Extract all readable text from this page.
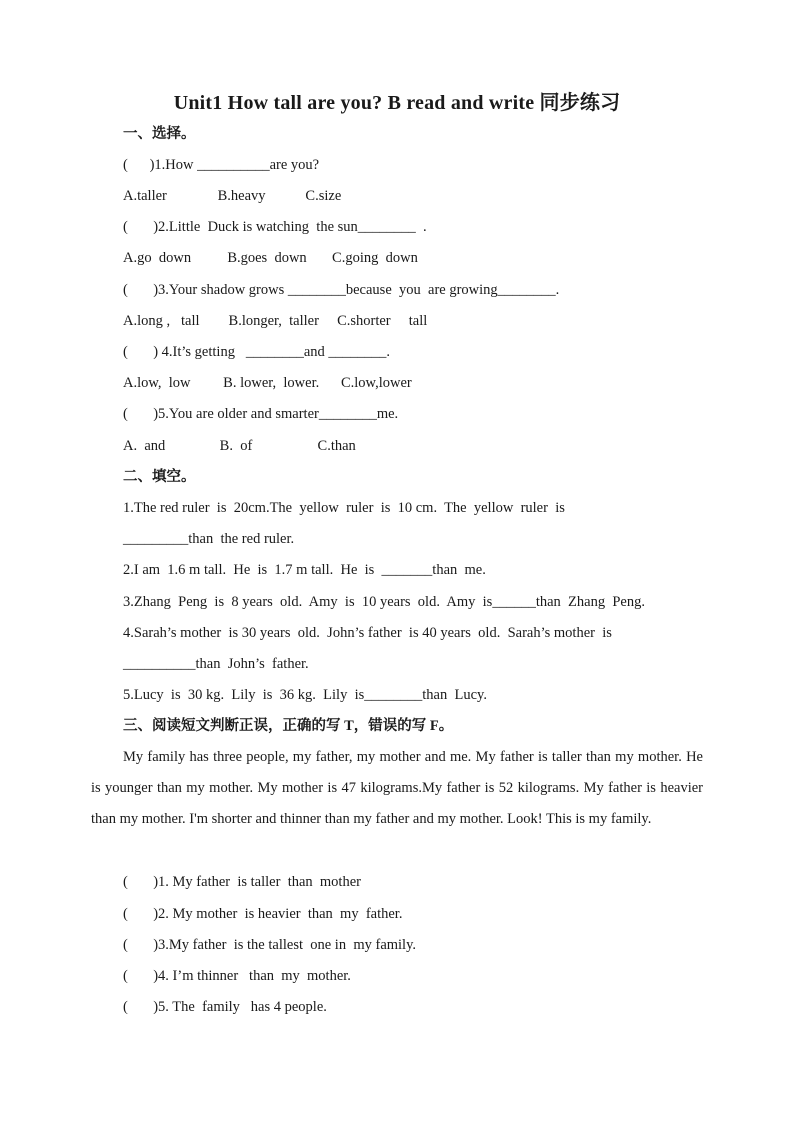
Unit1 How tall are you? B read and write 同步练习
一、选择。
(      )1.How __________are you?
A.taller              B.heavy           C.size
(       )2.Little  Duck is watching  the sun________  .
A.go  down          B.goes  down       C.going  down
(       )3.Your shadow grows ________because  you  are growing________.
A.long ,   tall        B.longer,  taller     C.shorter     tall
(       ) 4.It’s getting   ________and ________.
A.low,  low         B. lower,  lower.      C.low,lower
(       )5.You are older and smarter________me.
A.  and               B.  of                  C.than
二、填空。
1.The red ruler  is  20cm.The  yellow  ruler  is  10 cm.  The  yellow  ruler  is
_________than  the red ruler.
2.I am  1.6 m tall.  He  is  1.7 m tall.  He  is  _______than  me.
3.Zhang  Peng  is  8 years  old.  Amy  is  10 years  old.  Amy  is______than  Zhang  Peng.
4.Sarah’s mother  is 30 years  old.  John’s father  is 40 years  old.  Sarah’s mother  is
__________than  John’s  father.
5.Lucy  is  30 kg.  Lily  is  36 kg.  Lily  is________than  Lucy.
三、阅读短文判断正误，正确的写 T，错误的写 F。
My family has three people, my father, my mother and me. My father is taller than my mother. He is younger than my mother. My mother is 47 kilograms.My father is 52 kilograms. My father is heavier than my mother. I'm shorter and thinner than my father and my mother. Look! This is my family.
(       )1. My father  is taller  than  mother
(       )2. My mother  is heavier  than  my  father.
(       )3.My father  is the tallest  one in  my family.
(       )4. I’m thinner   than  my  mother.
(       )5. The  family   has 4 people.
